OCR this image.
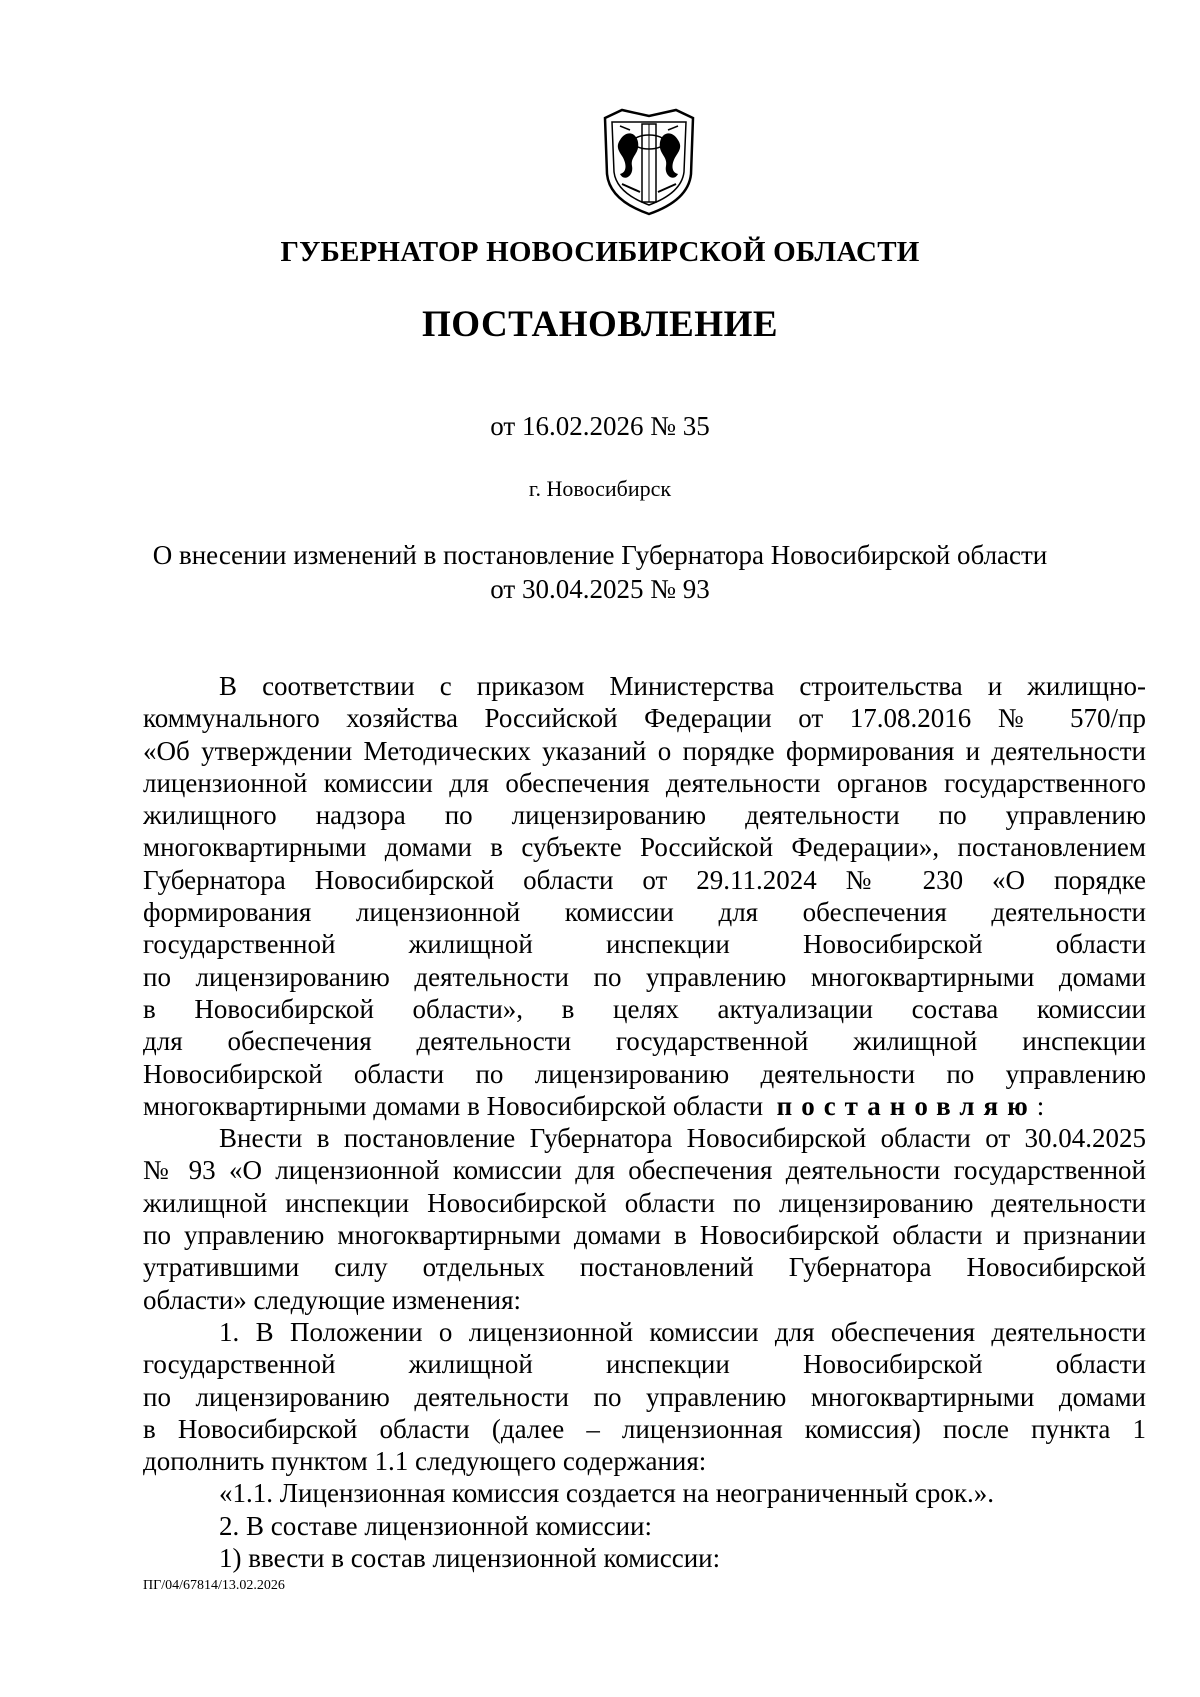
ГУБЕРНАТОР НОВОСИБИРСКОЙ ОБЛАСТИ
ПОСТАНОВЛЕНИЕ
от 16.02.2026 № 35
г. Новосибирск
О внесении изменений в постановление Губернатора Новосибирской области
от 30.04.2025 № 93
В соответствии с приказом Министерства строительства и жилищно-
коммунального хозяйства Российской Федерации от 17.08.2016 № 570/пр
«Об утверждении Методических указаний о порядке формирования и деятельности
лицензионной комиссии для обеспечения деятельности органов государственного
жилищного надзора по лицензированию деятельности по управлению
многоквартирными домами в субъекте Российской Федерации», постановлением
Губернатора Новосибирской области от 29.11.2024 № 230 «О порядке
формирования лицензионной комиссии для обеспечения деятельности
государственной жилищной инспекции Новосибирской области
по лицензированию деятельности по управлению многоквартирными домами
в Новосибирской области», в целях актуализации состава комиссии
для обеспечения деятельности государственной жилищной инспекции
Новосибирской области по лицензированию деятельности по управлению
многоквартирными домами в Новосибирской области постановляю:
Внести в постановление Губернатора Новосибирской области от 30.04.2025
№ 93 «О лицензионной комиссии для обеспечения деятельности государственной
жилищной инспекции Новосибирской области по лицензированию деятельности
по управлению многоквартирными домами в Новосибирской области и признании
утратившими силу отдельных постановлений Губернатора Новосибирской
области» следующие изменения:
1. В Положении о лицензионной комиссии для обеспечения деятельности
государственной жилищной инспекции Новосибирской области
по лицензированию деятельности по управлению многоквартирными домами
в Новосибирской области (далее – лицензионная комиссия) после пункта 1
дополнить пунктом 1.1 следующего содержания:
«1.1. Лицензионная комиссия создается на неограниченный срок.».
2. В составе лицензионной комиссии:
1) ввести в состав лицензионной комиссии:
ПГ/04/67814/13.02.2026
